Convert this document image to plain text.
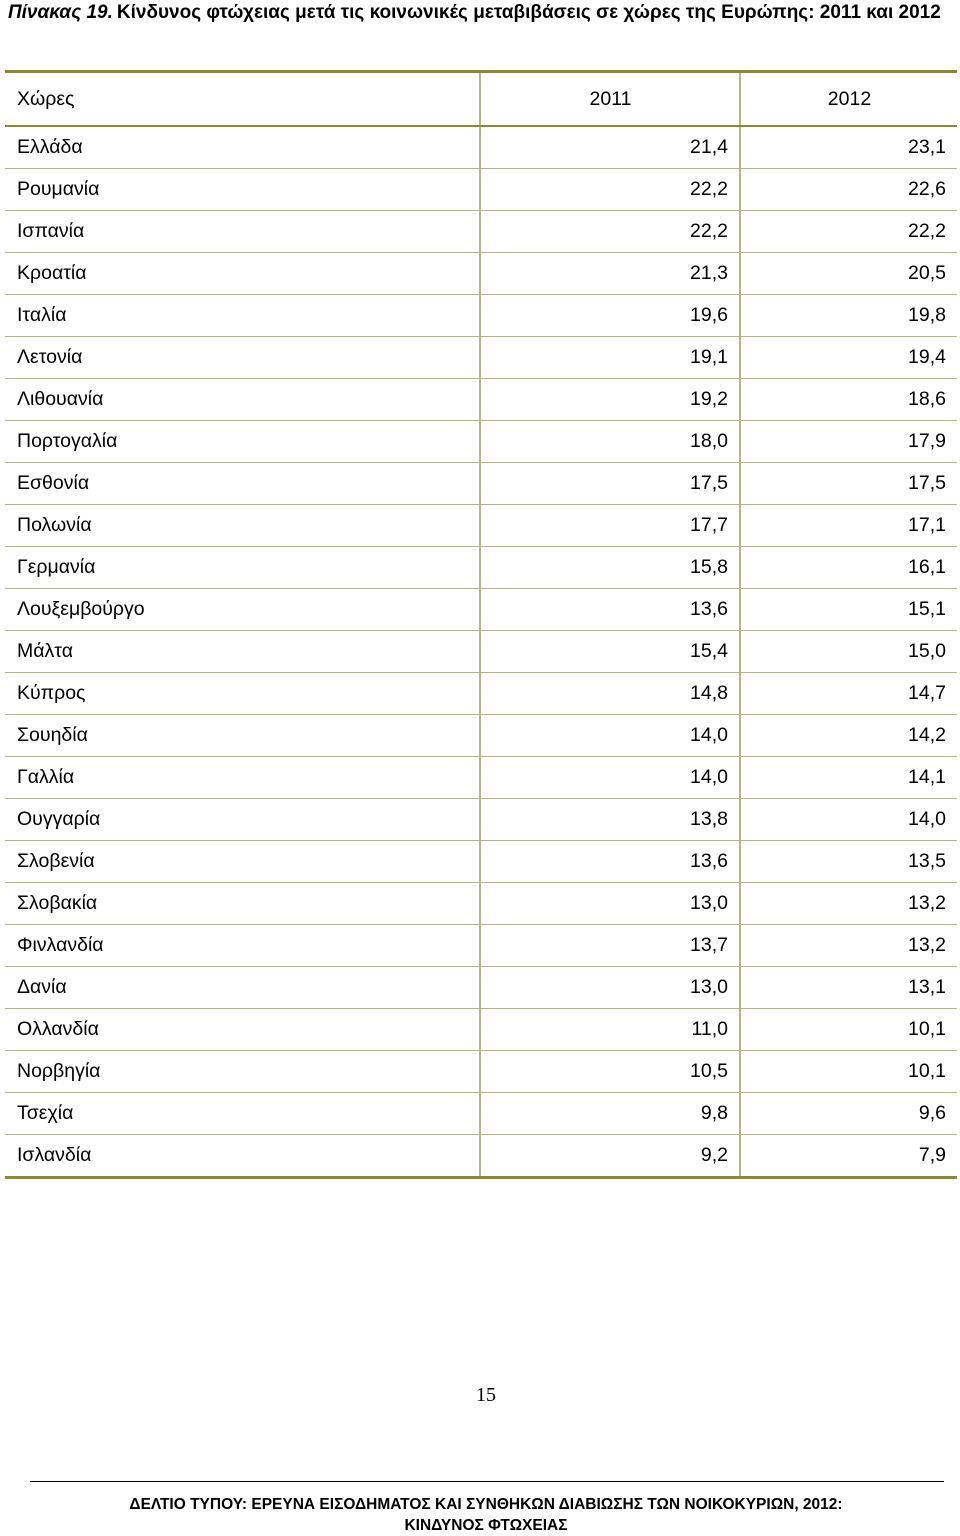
Πίνακας 19. Κίνδυνος φτώχειας μετά τις κοινωνικές μεταβιβάσεις σε χώρες της Ευρώπης: 2011 και 2012
Χώρες	2011	2012
Ελλάδα	21,4	23,1
Ρουμανία	22,2	22,6
Ισπανία	22,2	22,2
Κροατία	21,3	20,5
Ιταλία	19,6	19,8
Λετονία	19,1	19,4
Λιθουανία	19,2	18,6
Πορτογαλία	18,0	17,9
Εσθονία	17,5	17,5
Πολωνία	17,7	17,1
Γερμανία	15,8	16,1
Λουξεμβούργο	13,6	15,1
Μάλτα	15,4	15,0
Κύπρος	14,8	14,7
Σουηδία	14,0	14,2
Γαλλία	14,0	14,1
Ουγγαρία	13,8	14,0
Σλοβενία	13,6	13,5
Σλοβακία	13,0	13,2
Φινλανδία	13,7	13,2
Δανία	13,0	13,1
Ολλανδία	11,0	10,1
Νορβηγία	10,5	10,1
Τσεχία	9,8	9,6
Ισλανδία	9,2	7,9
15
ΔΕΛΤΙΟ ΤΥΠΟΥ: ΕΡΕΥΝΑ ΕΙΣΟΔΗΜΑΤΟΣ ΚΑΙ ΣΥΝΘΗΚΩΝ ΔΙΑΒΙΩΣΗΣ ΤΩΝ ΝΟΙΚΟΚΥΡΙΩΝ, 2012:
ΚΙΝΔΥΝΟΣ ΦΤΩΧΕΙΑΣ
